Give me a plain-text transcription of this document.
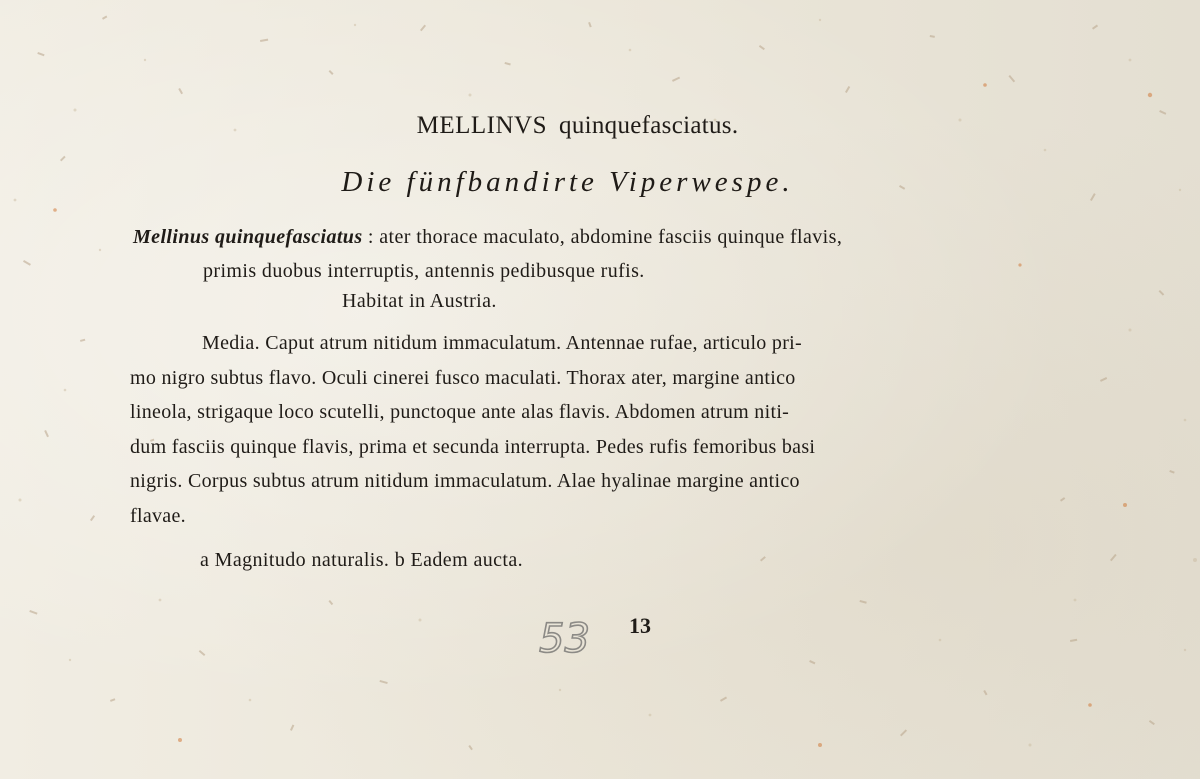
MELLINVS quinquefasciatus.
Die fünfbandirte Viperwespe.
Mellinus quinquefasciatus : ater thorace maculato, abdomine fasciis quinque flavis,
primis duobus interruptis, antennis pedibusque rufis.
Habitat in Austria.
Media. Caput atrum nitidum immaculatum. Antennae rufae, articulo pri-
mo nigro subtus flavo. Oculi cinerei fusco maculati. Thorax ater, margine antico
lineola, strigaque loco scutelli, punctoque ante alas flavis. Abdomen atrum niti-
dum fasciis quinque flavis, prima et secunda interrupta. Pedes rufis femoribus basi
nigris. Corpus subtus atrum nitidum immaculatum. Alae hyalinae margine antico
flavae.
a Magnitudo naturalis. b Eadem aucta.
53 13
